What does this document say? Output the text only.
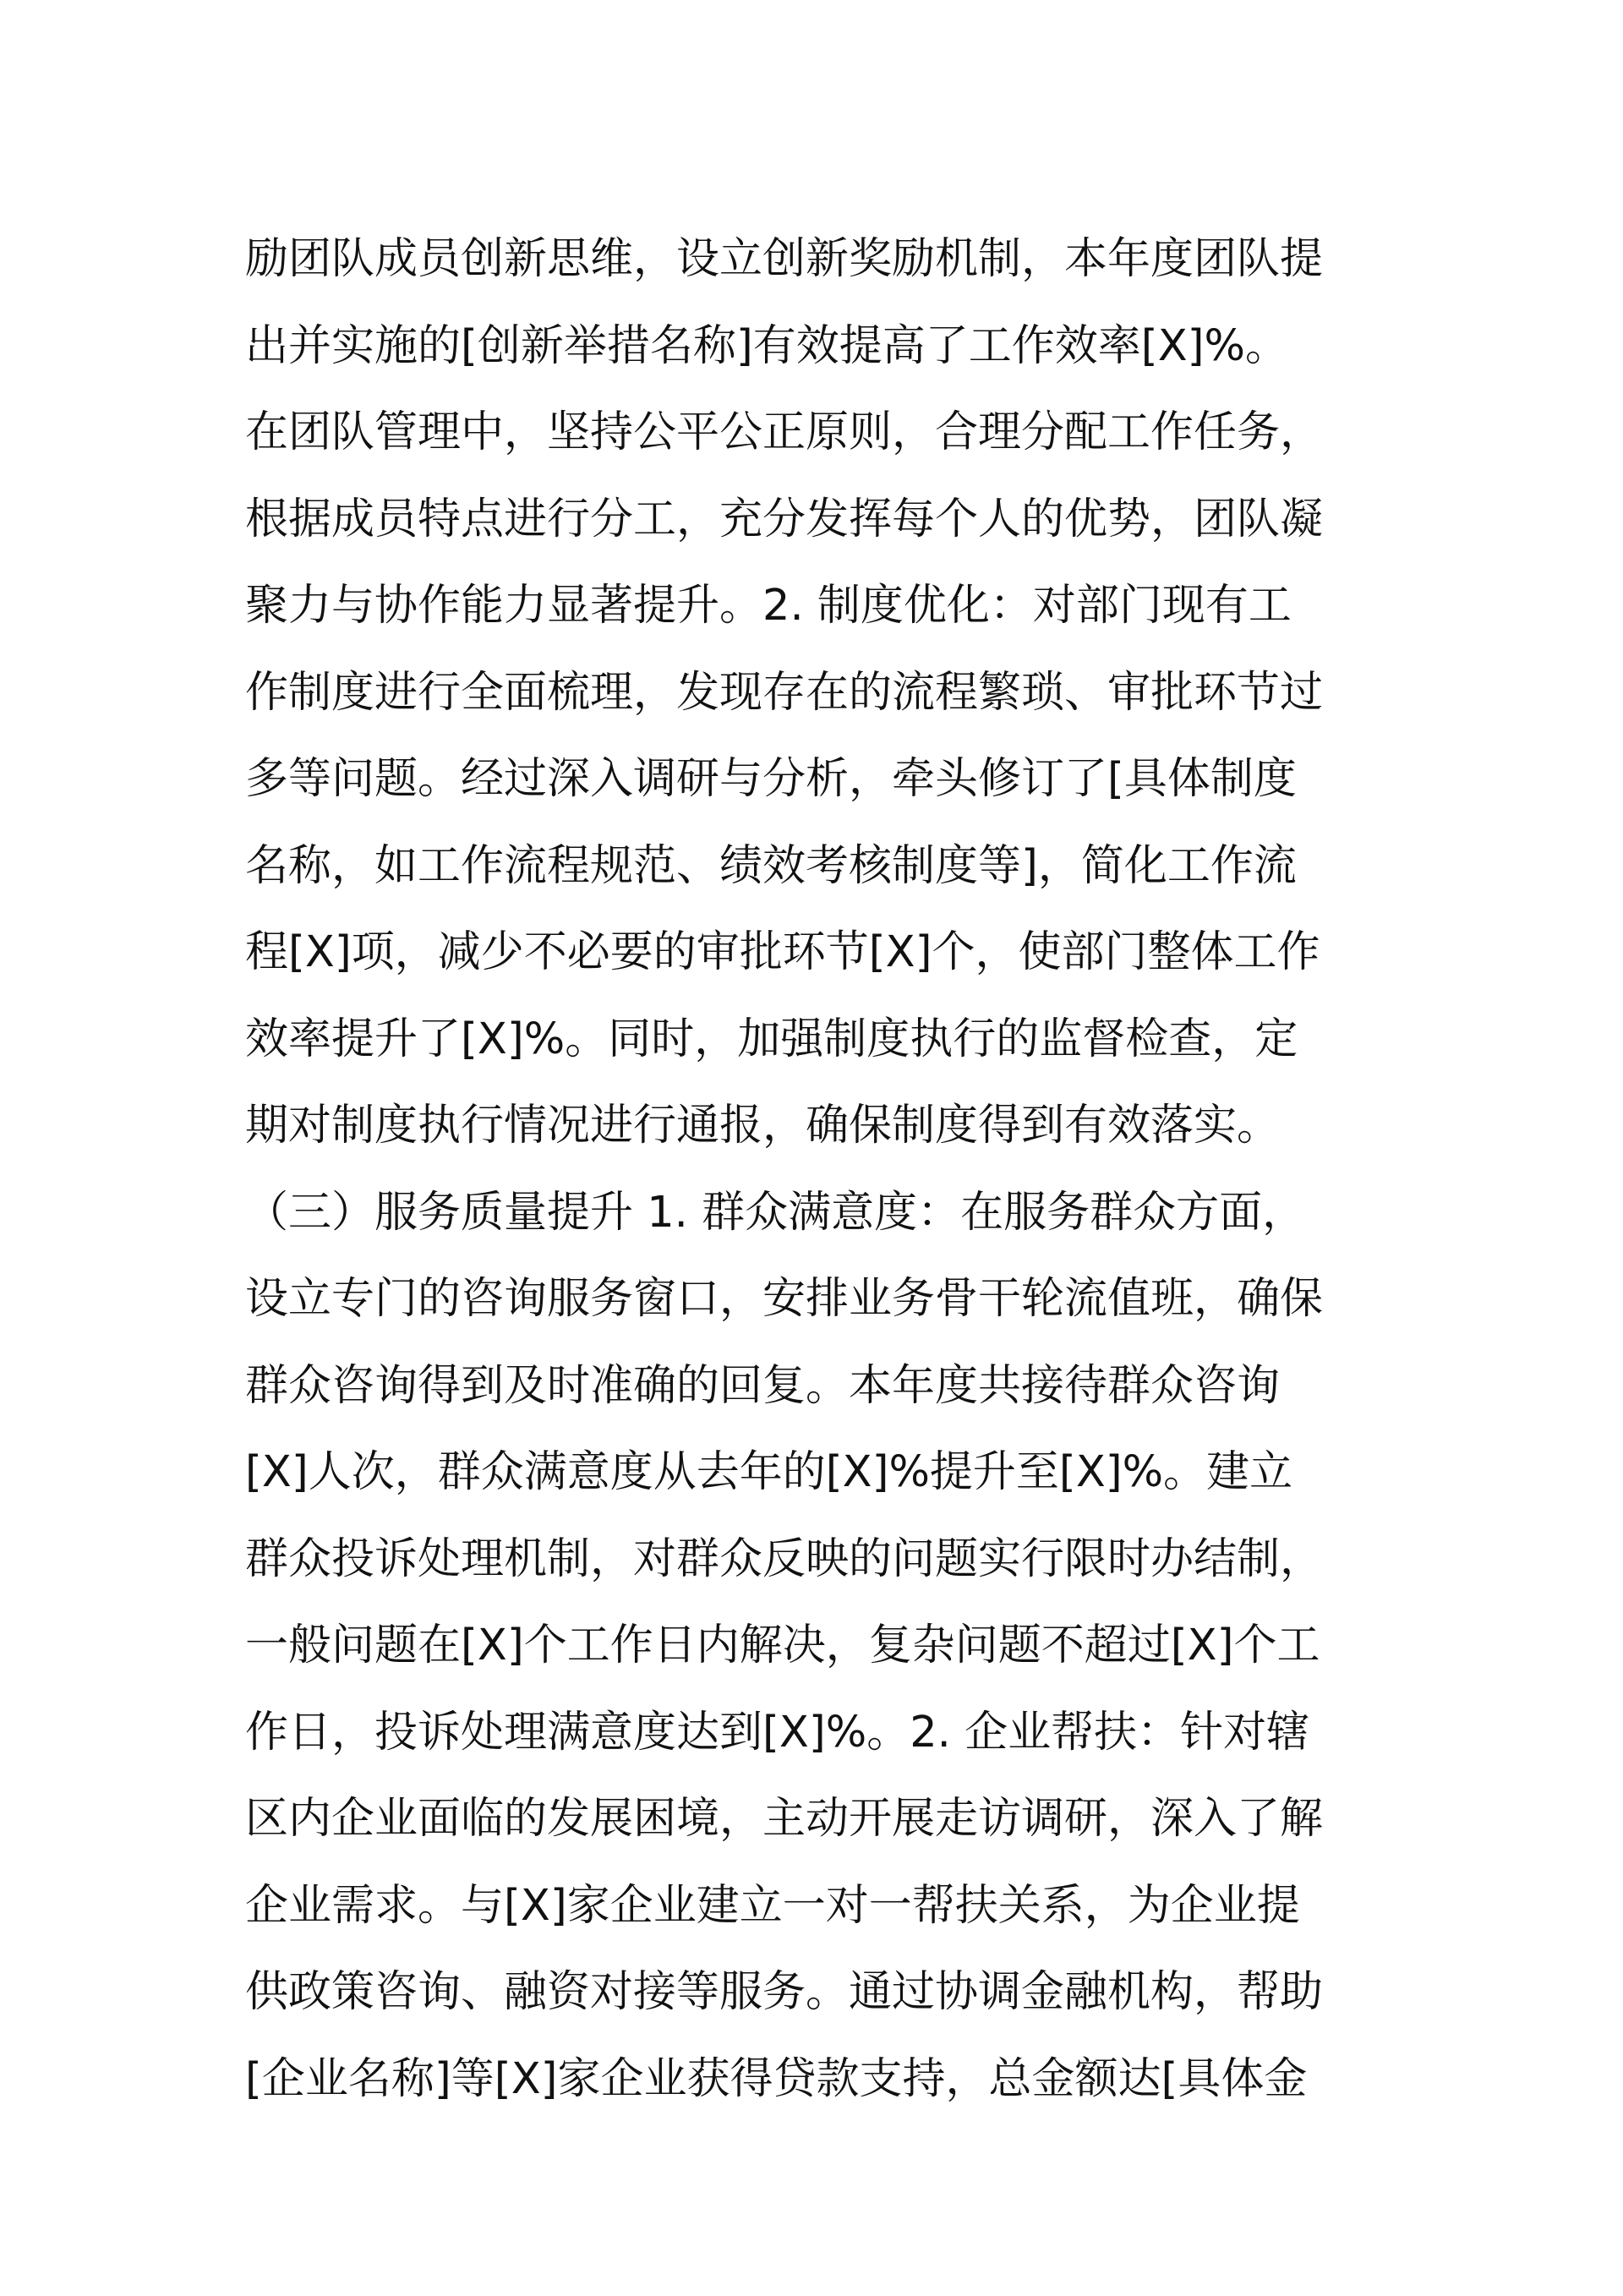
励团队成员创新思维，设立创新奖励机制，本年度团队提
出并实施的[创新举措名称]有效提高了工作效率[X]%。
在团队管理中，坚持公平公正原则，合理分配工作任务，
根据成员特点进行分工，充分发挥每个人的优势，团队凝
聚力与协作能力显著提升。2. 制度优化：对部门现有工
作制度进行全面梳理，发现存在的流程繁琐、审批环节过
多等问题。经过深入调研与分析，牵头修订了[具体制度
名称，如工作流程规范、绩效考核制度等]，简化工作流
程[X]项，减少不必要的审批环节[X]个，使部门整体工作
效率提升了[X]%。同时，加强制度执行的监督检查，定
期对制度执行情况进行通报，确保制度得到有效落实。
（三）服务质量提升 1. 群众满意度：在服务群众方面，
设立专门的咨询服务窗口，安排业务骨干轮流值班，确保
群众咨询得到及时准确的回复。本年度共接待群众咨询
[X]人次，群众满意度从去年的[X]%提升至[X]%。建立
群众投诉处理机制，对群众反映的问题实行限时办结制，
一般问题在[X]个工作日内解决，复杂问题不超过[X]个工
作日，投诉处理满意度达到[X]%。2. 企业帮扶：针对辖
区内企业面临的发展困境，主动开展走访调研，深入了解
企业需求。与[X]家企业建立一对一帮扶关系，为企业提
供政策咨询、融资对接等服务。通过协调金融机构，帮助
[企业名称]等[X]家企业获得贷款支持，总金额达[具体金
